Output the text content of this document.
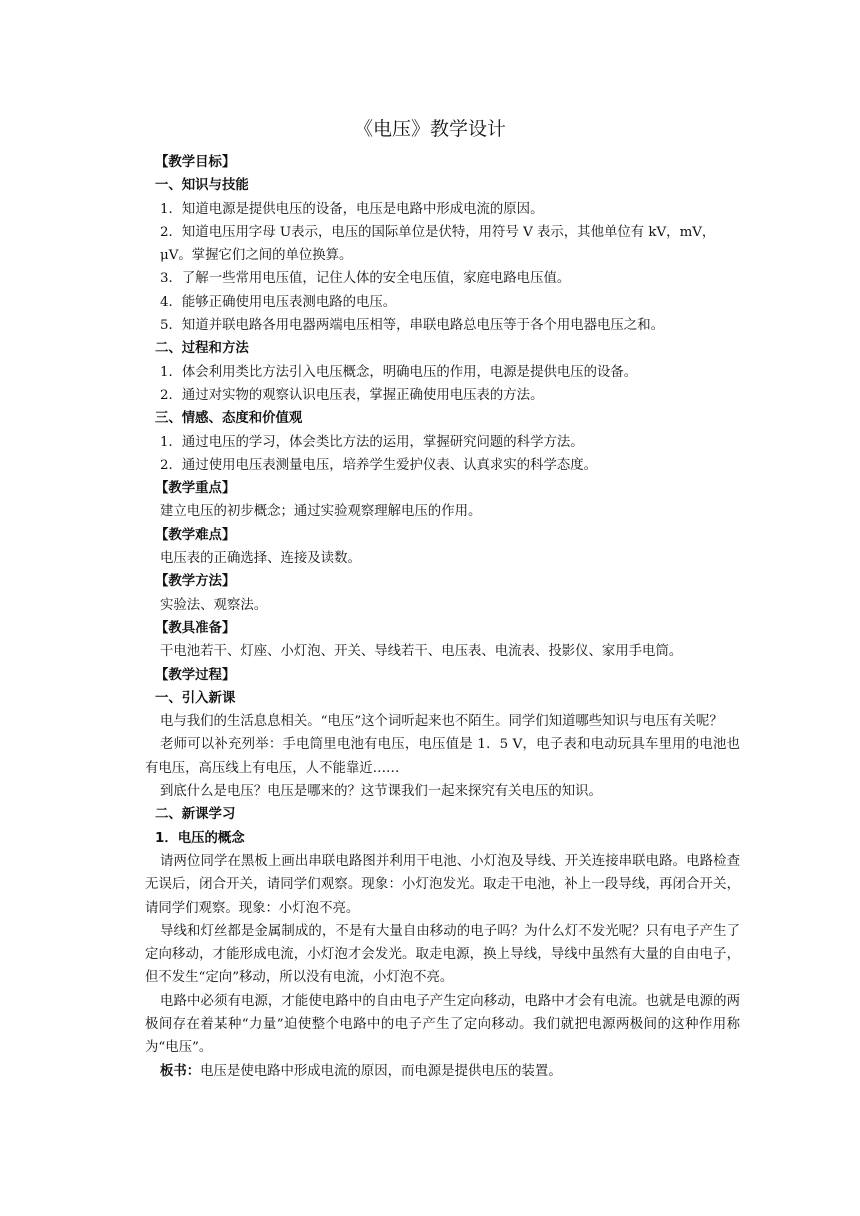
《电压》教学设计

【教学目标】

一、知识与技能

1．知道电源是提供电压的设备，电压是电路中形成电流的原因。

2．知道电压用字母 U表示，电压的国际单位是伏特，用符号 V 表示，其他单位有 kV，mV，μV。掌握它们之间的单位换算。

3．了解一些常用电压值，记住人体的安全电压值，家庭电路电压值。

4．能够正确使用电压表测电路的电压。

5．知道并联电路各用电器两端电压相等，串联电路总电压等于各个用电器电压之和。

二、过程和方法

1．体会利用类比方法引入电压概念，明确电压的作用，电源是提供电压的设备。

2．通过对实物的观察认识电压表，掌握正确使用电压表的方法。

三、情感、态度和价值观

1．通过电压的学习，体会类比方法的运用，掌握研究问题的科学方法。

2．通过使用电压表测量电压，培养学生爱护仪表、认真求实的科学态度。

【教学重点】

建立电压的初步概念；通过实验观察理解电压的作用。

【教学难点】

电压表的正确选择、连接及读数。

【教学方法】

实验法、观察法。

【教具准备】

干电池若干、灯座、小灯泡、开关、导线若干、电压表、电流表、投影仪、家用手电筒。

【教学过程】

一、引入新课

电与我们的生活息息相关。“电压”这个词听起来也不陌生。同学们知道哪些知识与电压有关呢？

老师可以补充列举：手电筒里电池有电压，电压值是 1．5 V，电子表和电动玩具车里用的电池也有电压，高压线上有电压，人不能靠近……

到底什么是电压？电压是哪来的？这节课我们一起来探究有关电压的知识。

二、新课学习

1．电压的概念

请两位同学在黑板上画出串联电路图并利用干电池、小灯泡及导线、开关连接串联电路。电路检查无误后，闭合开关，请同学们观察。现象：小灯泡发光。取走干电池，补上一段导线，再闭合开关，请同学们观察。现象：小灯泡不亮。

导线和灯丝都是金属制成的，不是有大量自由移动的电子吗？为什么灯不发光呢？只有电子产生了定向移动，才能形成电流，小灯泡才会发光。取走电源，换上导线，导线中虽然有大量的自由电子，但不发生“定向”移动，所以没有电流，小灯泡不亮。

电路中必须有电源，才能使电路中的自由电子产生定向移动，电路中才会有电流。也就是电源的两极间存在着某种“力量”迫使整个电路中的电子产生了定向移动。我们就把电源两极间的这种作用称为“电压”。

板书：电压是使电路中形成电流的原因，而电源是提供电压的装置。
